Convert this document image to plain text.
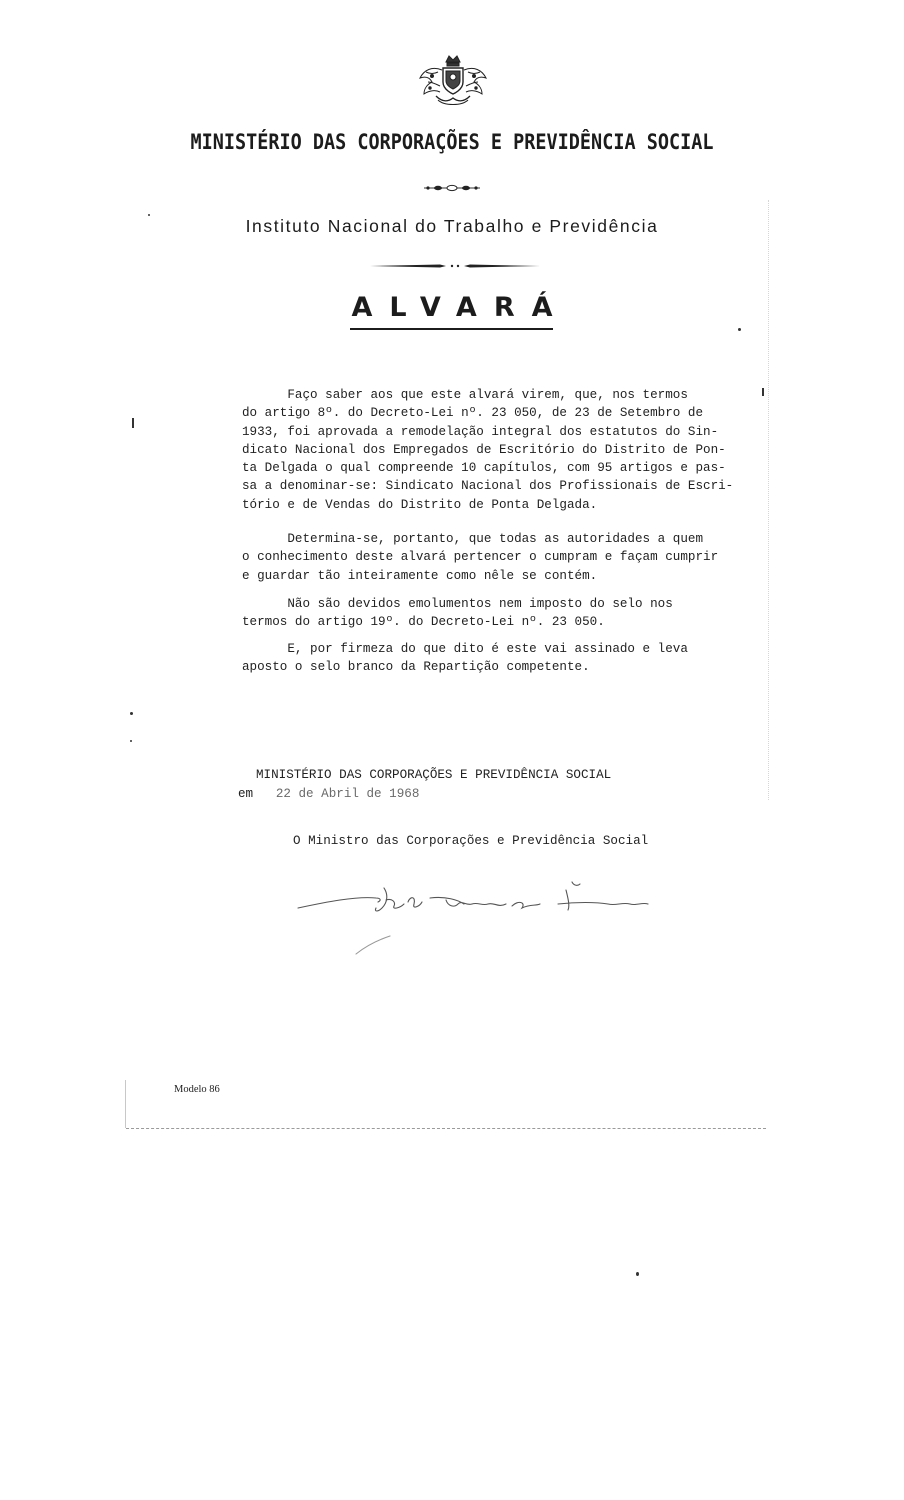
MINISTÉRIO DAS CORPORAÇÕES E PREVIDÊNCIA SOCIAL
Instituto Nacional do Trabalho e Previdência
ALVARÁ
Faço saber aos que este alvará virem, que, nos termos
do artigo 8º. do Decreto-Lei nº. 23 050, de 23 de Setembro de
1933, foi aprovada a remodelação integral dos estatutos do Sin-
dicato Nacional dos Empregados de Escritório do Distrito de Pon-
ta Delgada o qual compreende 10 capítulos, com 95 artigos e pas-
sa a denominar-se: Sindicato Nacional dos Profissionais de Escri-
tório e de Vendas do Distrito de Ponta Delgada.
Determina-se, portanto, que todas as autoridades a quem
o conhecimento deste alvará pertencer o cumpram e façam cumprir
e guardar tão inteiramente como nêle se contém.
Não são devidos emolumentos nem imposto do selo nos
termos do artigo 19º. do Decreto-Lei nº. 23 050.
E, por firmeza do que dito é este vai assinado e leva
aposto o selo branco da Repartição competente.
MINISTÉRIO DAS CORPORAÇÕES E PREVIDÊNCIA SOCIAL
em 22 de Abril de 1968
O Ministro das Corporações e Previdência Social
Modelo 86
